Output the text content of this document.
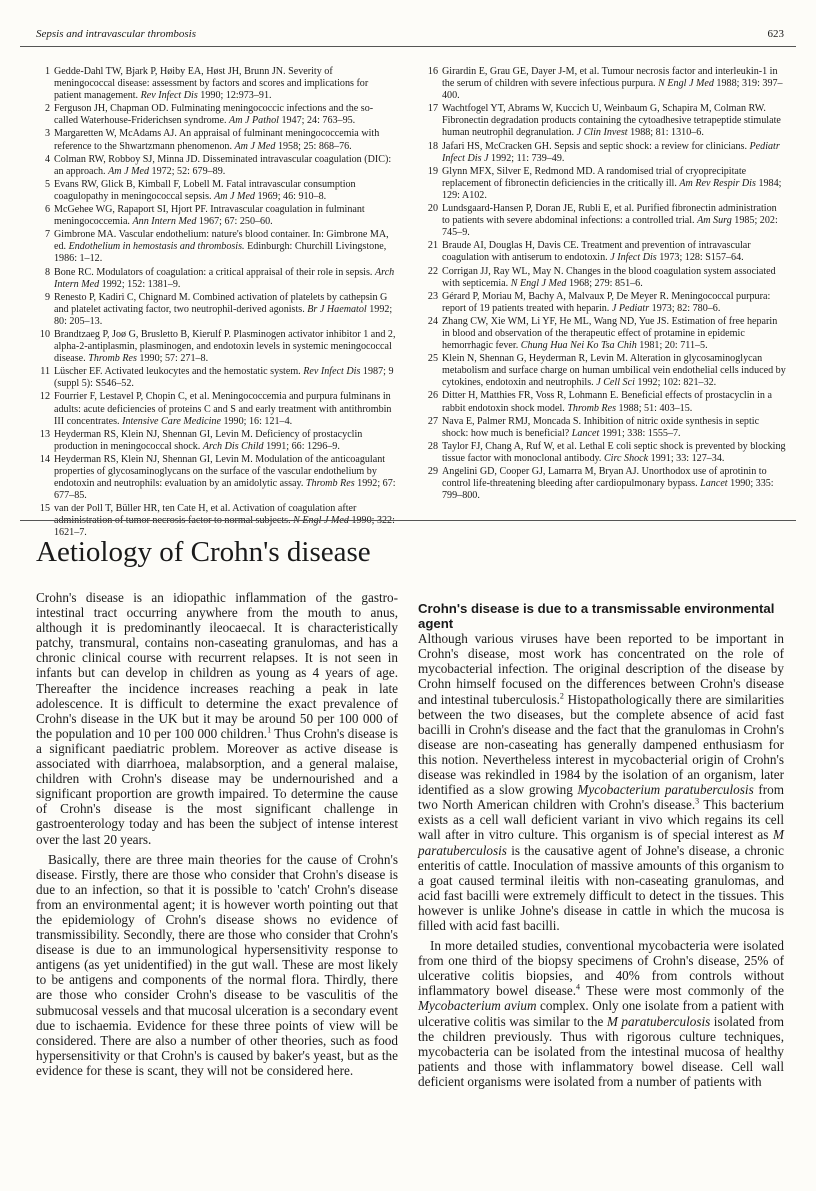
Sepsis and intravascular thrombosis	623
1 Gedde-Dahl TW, Bjark P, Høiby EA, Høst JH, Brunn JN. Severity of meningococcal disease: assessment by factors and scores and implications for patient management. Rev Infect Dis 1990; 12:973–91.
2 Ferguson JH, Chapman OD. Fulminating meningococcic infections and the so-called Waterhouse-Friderichsen syndrome. Am J Pathol 1947; 24: 763–95.
3 Margaretten W, McAdams AJ. An appraisal of fulminant meningococcemia with reference to the Shwartzmann phenomenon. Am J Med 1958; 25: 868–76.
4 Colman RW, Robboy SJ, Minna JD. Disseminated intravascular coagulation (DIC): an approach. Am J Med 1972; 52: 679–89.
5 Evans RW, Glick B, Kimball F, Lobell M. Fatal intravascular consumption coagulopathy in meningococcal sepsis. Am J Med 1969; 46: 910–8.
6 McGehee WG, Rapaport SI, Hjort PF. Intravascular coagulation in fulminant meningococcemia. Ann Intern Med 1967; 67: 250–60.
7 Gimbrone MA. Vascular endothelium: nature's blood container. In: Gimbrone MA, ed. Endothelium in hemostasis and thrombosis. Edinburgh: Churchill Livingstone, 1986: 1–12.
8 Bone RC. Modulators of coagulation: a critical appraisal of their role in sepsis. Arch Intern Med 1992; 152: 1381–9.
9 Renesto P, Kadiri C, Chignard M. Combined activation of platelets by cathepsin G and platelet activating factor, two neutrophil-derived agonists. Br J Haematol 1992; 80: 205–13.
10 Brandtzaeg P, Joø G, Brusletto B, Kierulf P. Plasminogen activator inhibitor 1 and 2, alpha-2-antiplasmin, plasminogen, and endotoxin levels in systemic meningococcal disease. Thromb Res 1990; 57: 271–8.
11 Lüscher EF. Activated leukocytes and the hemostatic system. Rev Infect Dis 1987; 9 (suppl 5): S546–52.
12 Fourrier F, Lestavel P, Chopin C, et al. Meningococcemia and purpura fulminans in adults: acute deficiencies of proteins C and S and early treatment with antithrombin III concentrates. Intensive Care Medicine 1990; 16: 121–4.
13 Heyderman RS, Klein NJ, Shennan GI, Levin M. Deficiency of prostacyclin production in meningococcal shock. Arch Dis Child 1991; 66: 1296–9.
14 Heyderman RS, Klein NJ, Shennan GI, Levin M. Modulation of the anticoagulant properties of glycosaminoglycans on the surface of the vascular endothelium by endotoxin and neutrophils: evaluation by an amidolytic assay. Thromb Res 1992; 67: 677–85.
15 van der Poll T, Büller HR, ten Cate H, et al. Activation of coagulation after administration of tumor necrosis factor to normal subjects. N Engl J Med 1990; 322: 1621–7.
16 Girardin E, Grau GE, Dayer J-M, et al. Tumour necrosis factor and interleukin-1 in the serum of children with severe infectious purpura. N Engl J Med 1988; 319: 397–400.
17 Wachtfogel YT, Abrams W, Kuccich U, Weinbaum G, Schapira M, Colman RW. Fibronectin degradation products containing the cytoadhesive tetrapeptide stimulate human neutrophil degranulation. J Clin Invest 1988; 81: 1310–6.
18 Jafari HS, McCracken GH. Sepsis and septic shock: a review for clinicians. Pediatr Infect Dis J 1992; 11: 739–49.
19 Glynn MFX, Silver E, Redmond MD. A randomised trial of cryoprecipitate replacement of fibronectin deficiencies in the critically ill. Am Rev Respir Dis 1984; 129: A102.
20 Lundsgaard-Hansen P, Doran JE, Rubli E, et al. Purified fibronectin administration to patients with severe abdominal infections: a controlled trial. Am Surg 1985; 202: 745–9.
21 Braude AI, Douglas H, Davis CE. Treatment and prevention of intravascular coagulation with antiserum to endotoxin. J Infect Dis 1973; 128: S157–64.
22 Corrigan JJ, Ray WL, May N. Changes in the blood coagulation system associated with septicemia. N Engl J Med 1968; 279: 851–6.
23 Gérard P, Moriau M, Bachy A, Malvaux P, De Meyer R. Meningococcal purpura: report of 19 patients treated with heparin. J Pediatr 1973; 82: 780–6.
24 Zhang CW, Xie WM, Li YF, He ML, Wang ND, Yue JS. Estimation of free heparin in blood and observation of the therapeutic effect of protamine in epidemic hemorrhagic fever. Chung Hua Nei Ko Tsa Chih 1981; 20: 711–5.
25 Klein N, Shennan G, Heyderman R, Levin M. Alteration in glycosaminoglycan metabolism and surface charge on human umbilical vein endothelial cells induced by cytokines, endotoxin and neutrophils. J Cell Sci 1992; 102: 821–32.
26 Ditter H, Matthies FR, Voss R, Lohmann E. Beneficial effects of prostacyclin in a rabbit endotoxin shock model. Thromb Res 1988; 51: 403–15.
27 Nava E, Palmer RMJ, Moncada S. Inhibition of nitric oxide synthesis in septic shock: how much is beneficial? Lancet 1991; 338: 1555–7.
28 Taylor FJ, Chang A, Ruf W, et al. Lethal E coli septic shock is prevented by blocking tissue factor with monoclonal antibody. Circ Shock 1991; 33: 127–34.
29 Angelini GD, Cooper GJ, Lamarra M, Bryan AJ. Unorthodox use of aprotinin to control life-threatening bleeding after cardiopulmonary bypass. Lancet 1990; 335: 799–800.
Aetiology of Crohn's disease

Crohn's disease is an idiopathic inflammation of the gastro-intestinal tract occurring anywhere from the mouth to anus, although it is predominantly ileocaecal. It is characteristically patchy, transmural, contains non-caseating granulomas, and has a chronic clinical course with recurrent relapses. It is not seen in infants but can develop in children as young as 4 years of age. Thereafter the incidence increases reaching a peak in late adolescence. It is difficult to determine the exact prevalence of Crohn's disease in the UK but it may be around 50 per 100 000 of the population and 10 per 100 000 children.$^1$ Thus Crohn's disease is a significant paediatric problem. Moreover as active disease is associated with diarrhoea, malabsorption, and a general malaise, children with Crohn's disease may be undernourished and a significant proportion are growth impaired. To determine the cause of Crohn's disease is the most significant challenge in gastroenterology today and has been the subject of intense interest over the last 20 years.

Basically, there are three main theories for the cause of Crohn's disease. Firstly, there are those who consider that Crohn's disease is due to an infection, so that it is possible to 'catch' Crohn's disease from an environmental agent; it is however worth pointing out that the epidemiology of Crohn's disease shows no evidence of transmissibility. Secondly, there are those who consider that Crohn's disease is due to an immunological hypersensitivity response to antigens (as yet unidentified) in the gut wall. These are most likely to be antigens and components of the normal flora. Thirdly, there are those who consider Crohn's disease to be vasculitis of the submucosal vessels and that mucosal ulceration is a secondary event due to ischaemia. Evidence for these three points of view will be considered. There are also a number of other theories, such as food hypersensitivity or that Crohn's is caused by baker's yeast, but as the evidence for these is scant, they will not be considered here.

Crohn's disease is due to a transmissable environmental agent

Although various viruses have been reported to be important in Crohn's disease, most work has concentrated on the role of mycobacterial infection. The original description of the disease by Crohn himself focused on the differences between Crohn's disease and intestinal tuberculosis.$^2$ Histopathologically there are similarities between the two diseases, but the complete absence of acid fast bacilli in Crohn's disease and the fact that the granulomas in Crohn's disease are non-caseating has generally dampened enthusiasm for this notion. Nevertheless interest in mycobacterial origin of Crohn's disease was rekindled in 1984 by the isolation of an organism, later identified as a slow growing Mycobacterium paratuberculosis from two North American children with Crohn's disease.$^3$ This bacterium exists as a cell wall deficient variant in vivo which regains its cell wall after in vitro culture. This organism is of special interest as M paratuberculosis is the causative agent of Johne's disease, a chronic enteritis of cattle. Inoculation of massive amounts of this organism to a goat caused terminal ileitis with non-caseating granulomas, and acid fast bacilli were extremely difficult to detect in the tissues. This however is unlike Johne's disease in cattle in which the mucosa is filled with acid fast bacilli.

In more detailed studies, conventional mycobacteria were isolated from one third of the biopsy specimens of Crohn's disease, 25% of ulcerative colitis biopsies, and 40% from controls without inflammatory bowel disease.$^4$ These were most commonly of the Mycobacterium avium complex. Only one isolate from a patient with ulcerative colitis was similar to the M paratuberculosis isolated from the children previously. Thus with rigorous culture techniques, mycobacteria can be isolated from the intestinal mucosa of healthy patients and those with inflammatory bowel disease. Cell wall deficient organisms were isolated from a number of patients with
